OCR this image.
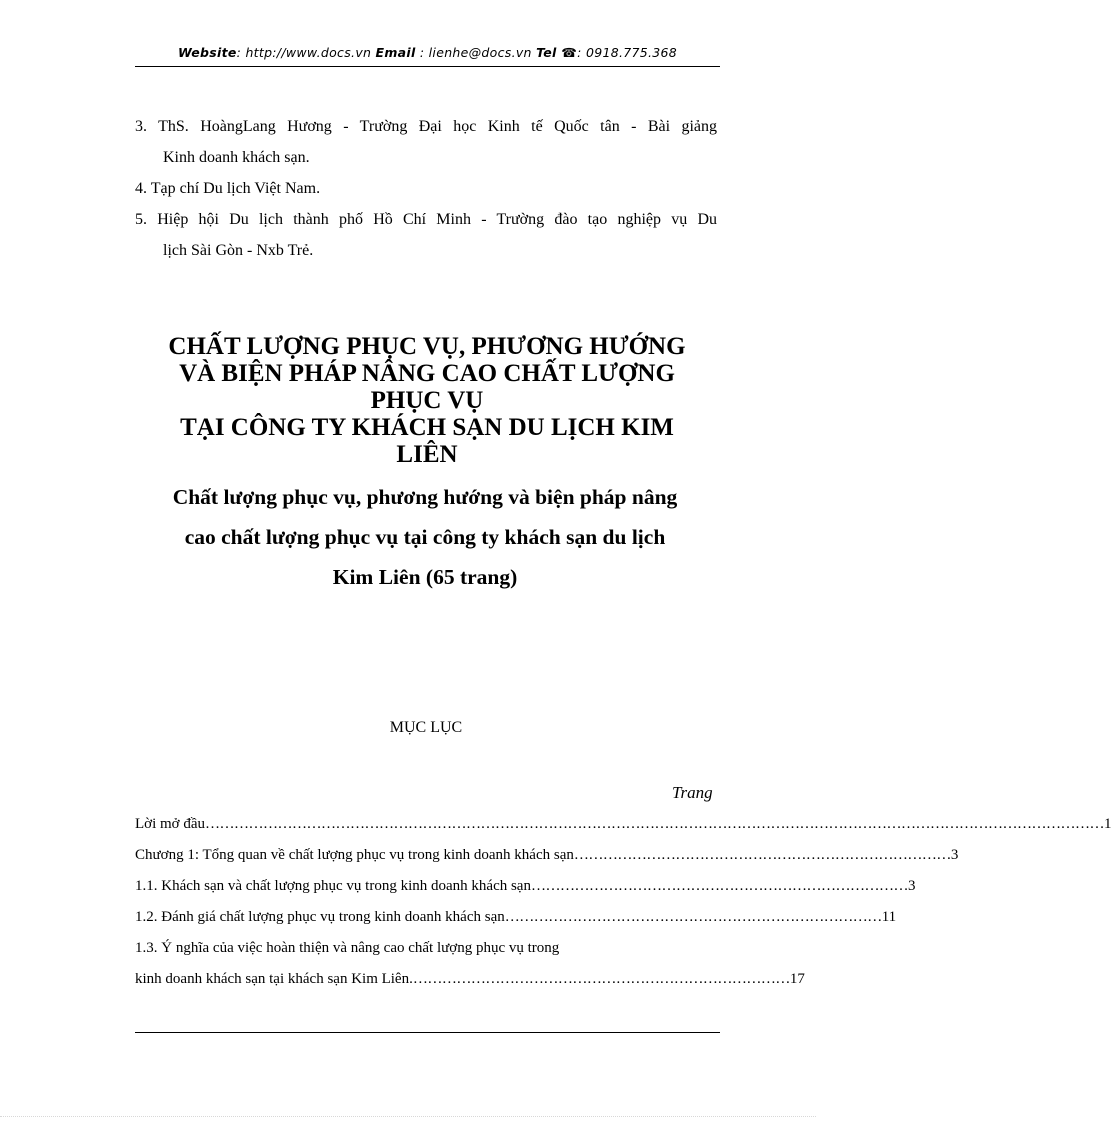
Website: http://www.docs.vn Email : lienhe@docs.vn Tel ☎: 0918.775.368
3. ThS. HoàngLang Hương - Trường Đại học Kinh tế Quốc tân - Bài giảng
Kinh doanh khách sạn.
4. Tạp chí Du lịch Việt Nam.
5. Hiệp hội Du lịch thành phố Hồ Chí Minh - Trường đào tạo nghiệp vụ Du
lịch Sài Gòn - Nxb Trẻ.
CHẤT LƯỢNG PHỤC VỤ, PHƯƠNG HƯỚNG
VÀ BIỆN PHÁP NÂNG CAO CHẤT LƯỢNG
PHỤC VỤ
TẠI CÔNG TY KHÁCH SẠN DU LỊCH KIM
LIÊN
Chất lượng phục vụ, phương hướng và biện pháp nâng
cao chất lượng phục vụ tại công ty khách sạn du lịch
Kim Liên (65 trang)
MỤC LỤC
Trang
Lời mở đầu …………………………………………………………………………………………………………………………………………………………………… 1
Chương 1: Tổng quan về chất lượng phục vụ trong kinh doanh khách sạn …………………………………………………………………… 3
1.1. Khách sạn và chất lượng phục vụ trong kinh doanh khách sạn …………………………………………………………………… 3
1.2. Đánh giá chất lượng phục vụ trong kinh doanh khách sạn …………………………………………………………………… 11
1.3. Ý nghĩa của việc hoàn thiện và nâng cao chất lượng phục vụ trong
kinh doanh khách sạn tại khách sạn Kim Liên. …………………………………………………………………… 17
